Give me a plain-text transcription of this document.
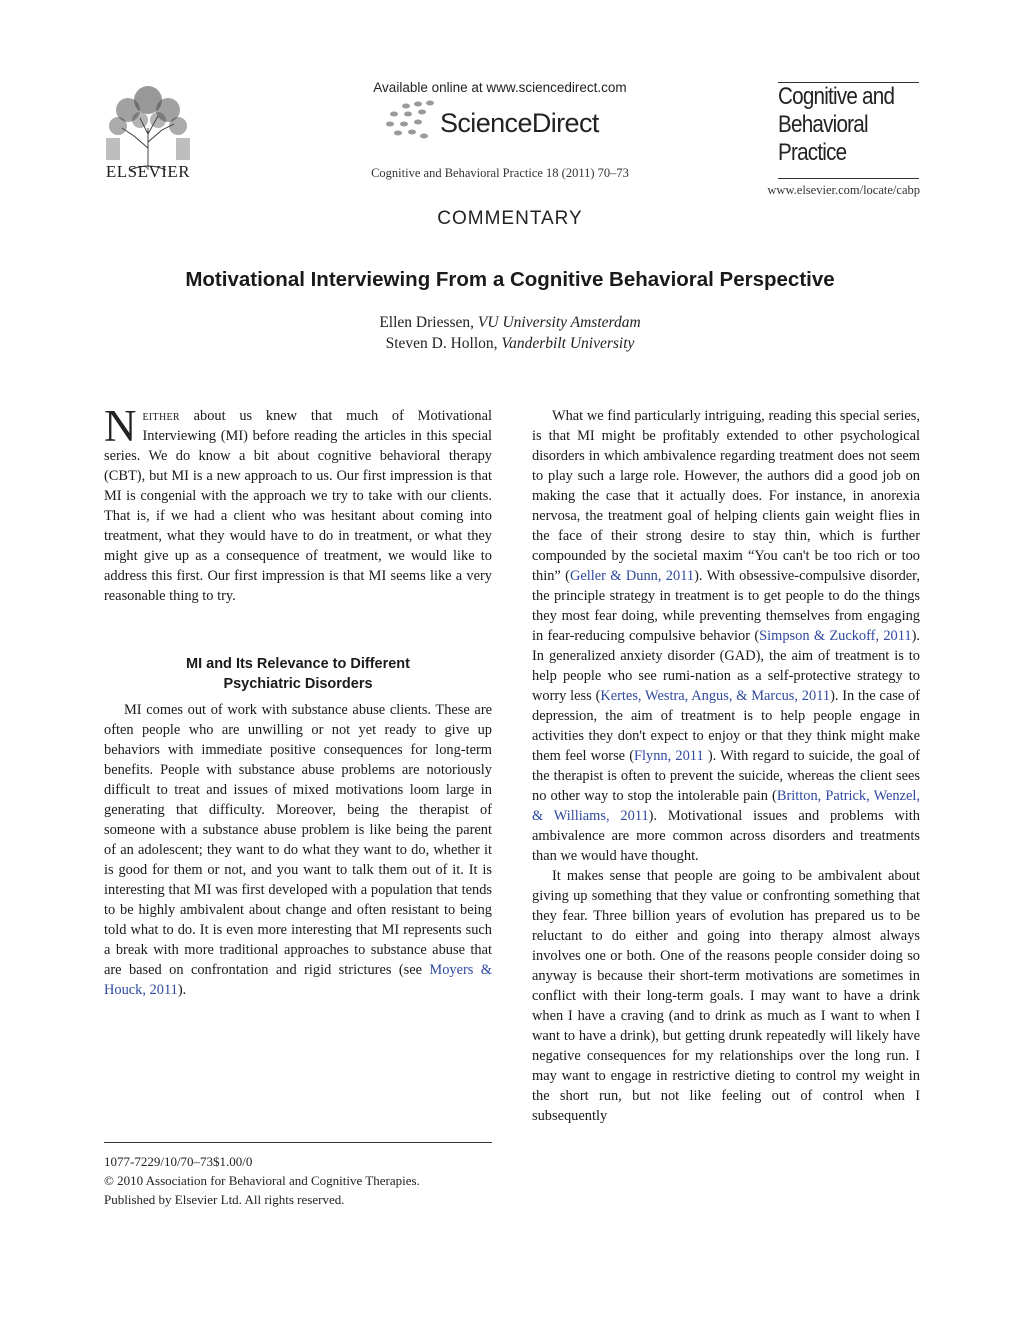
ELSEVIER
Available online at www.sciencedirect.com
ScienceDirect
Cognitive and Behavioral Practice 18 (2011) 70–73
Cognitive and
Behavioral
Practice
www.elsevier.com/locate/cabp
COMMENTARY
Motivational Interviewing From a Cognitive Behavioral Perspective
Ellen Driessen, VU University Amsterdam
Steven D. Hollon, Vanderbilt University

Neither about us knew that much of Motivational Interviewing (MI) before reading the articles in this special series. We do know a bit about cognitive behavioral therapy (CBT), but MI is a new approach to us. Our first impression is that MI is congenial with the approach we try to take with our clients. That is, if we had a client who was hesitant about coming into treatment, what they would have to do in treatment, or what they might give up as a consequence of treatment, we would like to address this first. Our first impression is that MI seems like a very reasonable thing to try.

MI and Its Relevance to Different
Psychiatric Disorders

MI comes out of work with substance abuse clients. These are often people who are unwilling or not yet ready to give up behaviors with immediate positive consequences for long-term benefits. People with substance abuse problems are notoriously difficult to treat and issues of mixed motivations loom large in generating that difficulty. Moreover, being the therapist of someone with a substance abuse problem is like being the parent of an adolescent; they want to do what they want to do, whether it is good for them or not, and you want to talk them out of it. It is interesting that MI was first developed with a population that tends to be highly ambivalent about change and often resistant to being told what to do. It is even more interesting that MI represents such a break with more traditional approaches to substance abuse that are based on confrontation and rigid strictures (see Moyers & Houck, 2011).

1077-7229/10/70–73$1.00/0
© 2010 Association for Behavioral and Cognitive Therapies.
Published by Elsevier Ltd. All rights reserved.

What we find particularly intriguing, reading this special series, is that MI might be profitably extended to other psychological disorders in which ambivalence regarding treatment does not seem to play such a large role. However, the authors did a good job on making the case that it actually does. For instance, in anorexia nervosa, the treatment goal of helping clients gain weight flies in the face of their strong desire to stay thin, which is further compounded by the societal maxim “You can't be too rich or too thin” (Geller & Dunn, 2011). With obsessive-compulsive disorder, the principle strategy in treatment is to get people to do the things they most fear doing, while preventing themselves from engaging in fear-reducing compulsive behavior (Simpson & Zuckoff, 2011). In generalized anxiety disorder (GAD), the aim of treatment is to help people who see rumi-nation as a self-protective strategy to worry less (Kertes, Westra, Angus, & Marcus, 2011). In the case of depression, the aim of treatment is to help people engage in activities they don't expect to enjoy or that they think might make them feel worse (Flynn, 2011 ). With regard to suicide, the goal of the therapist is often to prevent the suicide, whereas the client sees no other way to stop the intolerable pain (Britton, Patrick, Wenzel, & Williams, 2011). Motivational issues and problems with ambivalence are more common across disorders and treatments than we would have thought.

It makes sense that people are going to be ambivalent about giving up something that they value or confronting something that they fear. Three billion years of evolution has prepared us to be reluctant to do either and going into therapy almost always involves one or both. One of the reasons people consider doing so anyway is because their short-term motivations are sometimes in conflict with their long-term goals. I may want to have a drink when I have a craving (and to drink as much as I want to when I want to have a drink), but getting drunk repeatedly will likely have negative consequences for my relationships over the long run. I may want to engage in restrictive dieting to control my weight in the short run, but not like feeling out of control when I subsequently
